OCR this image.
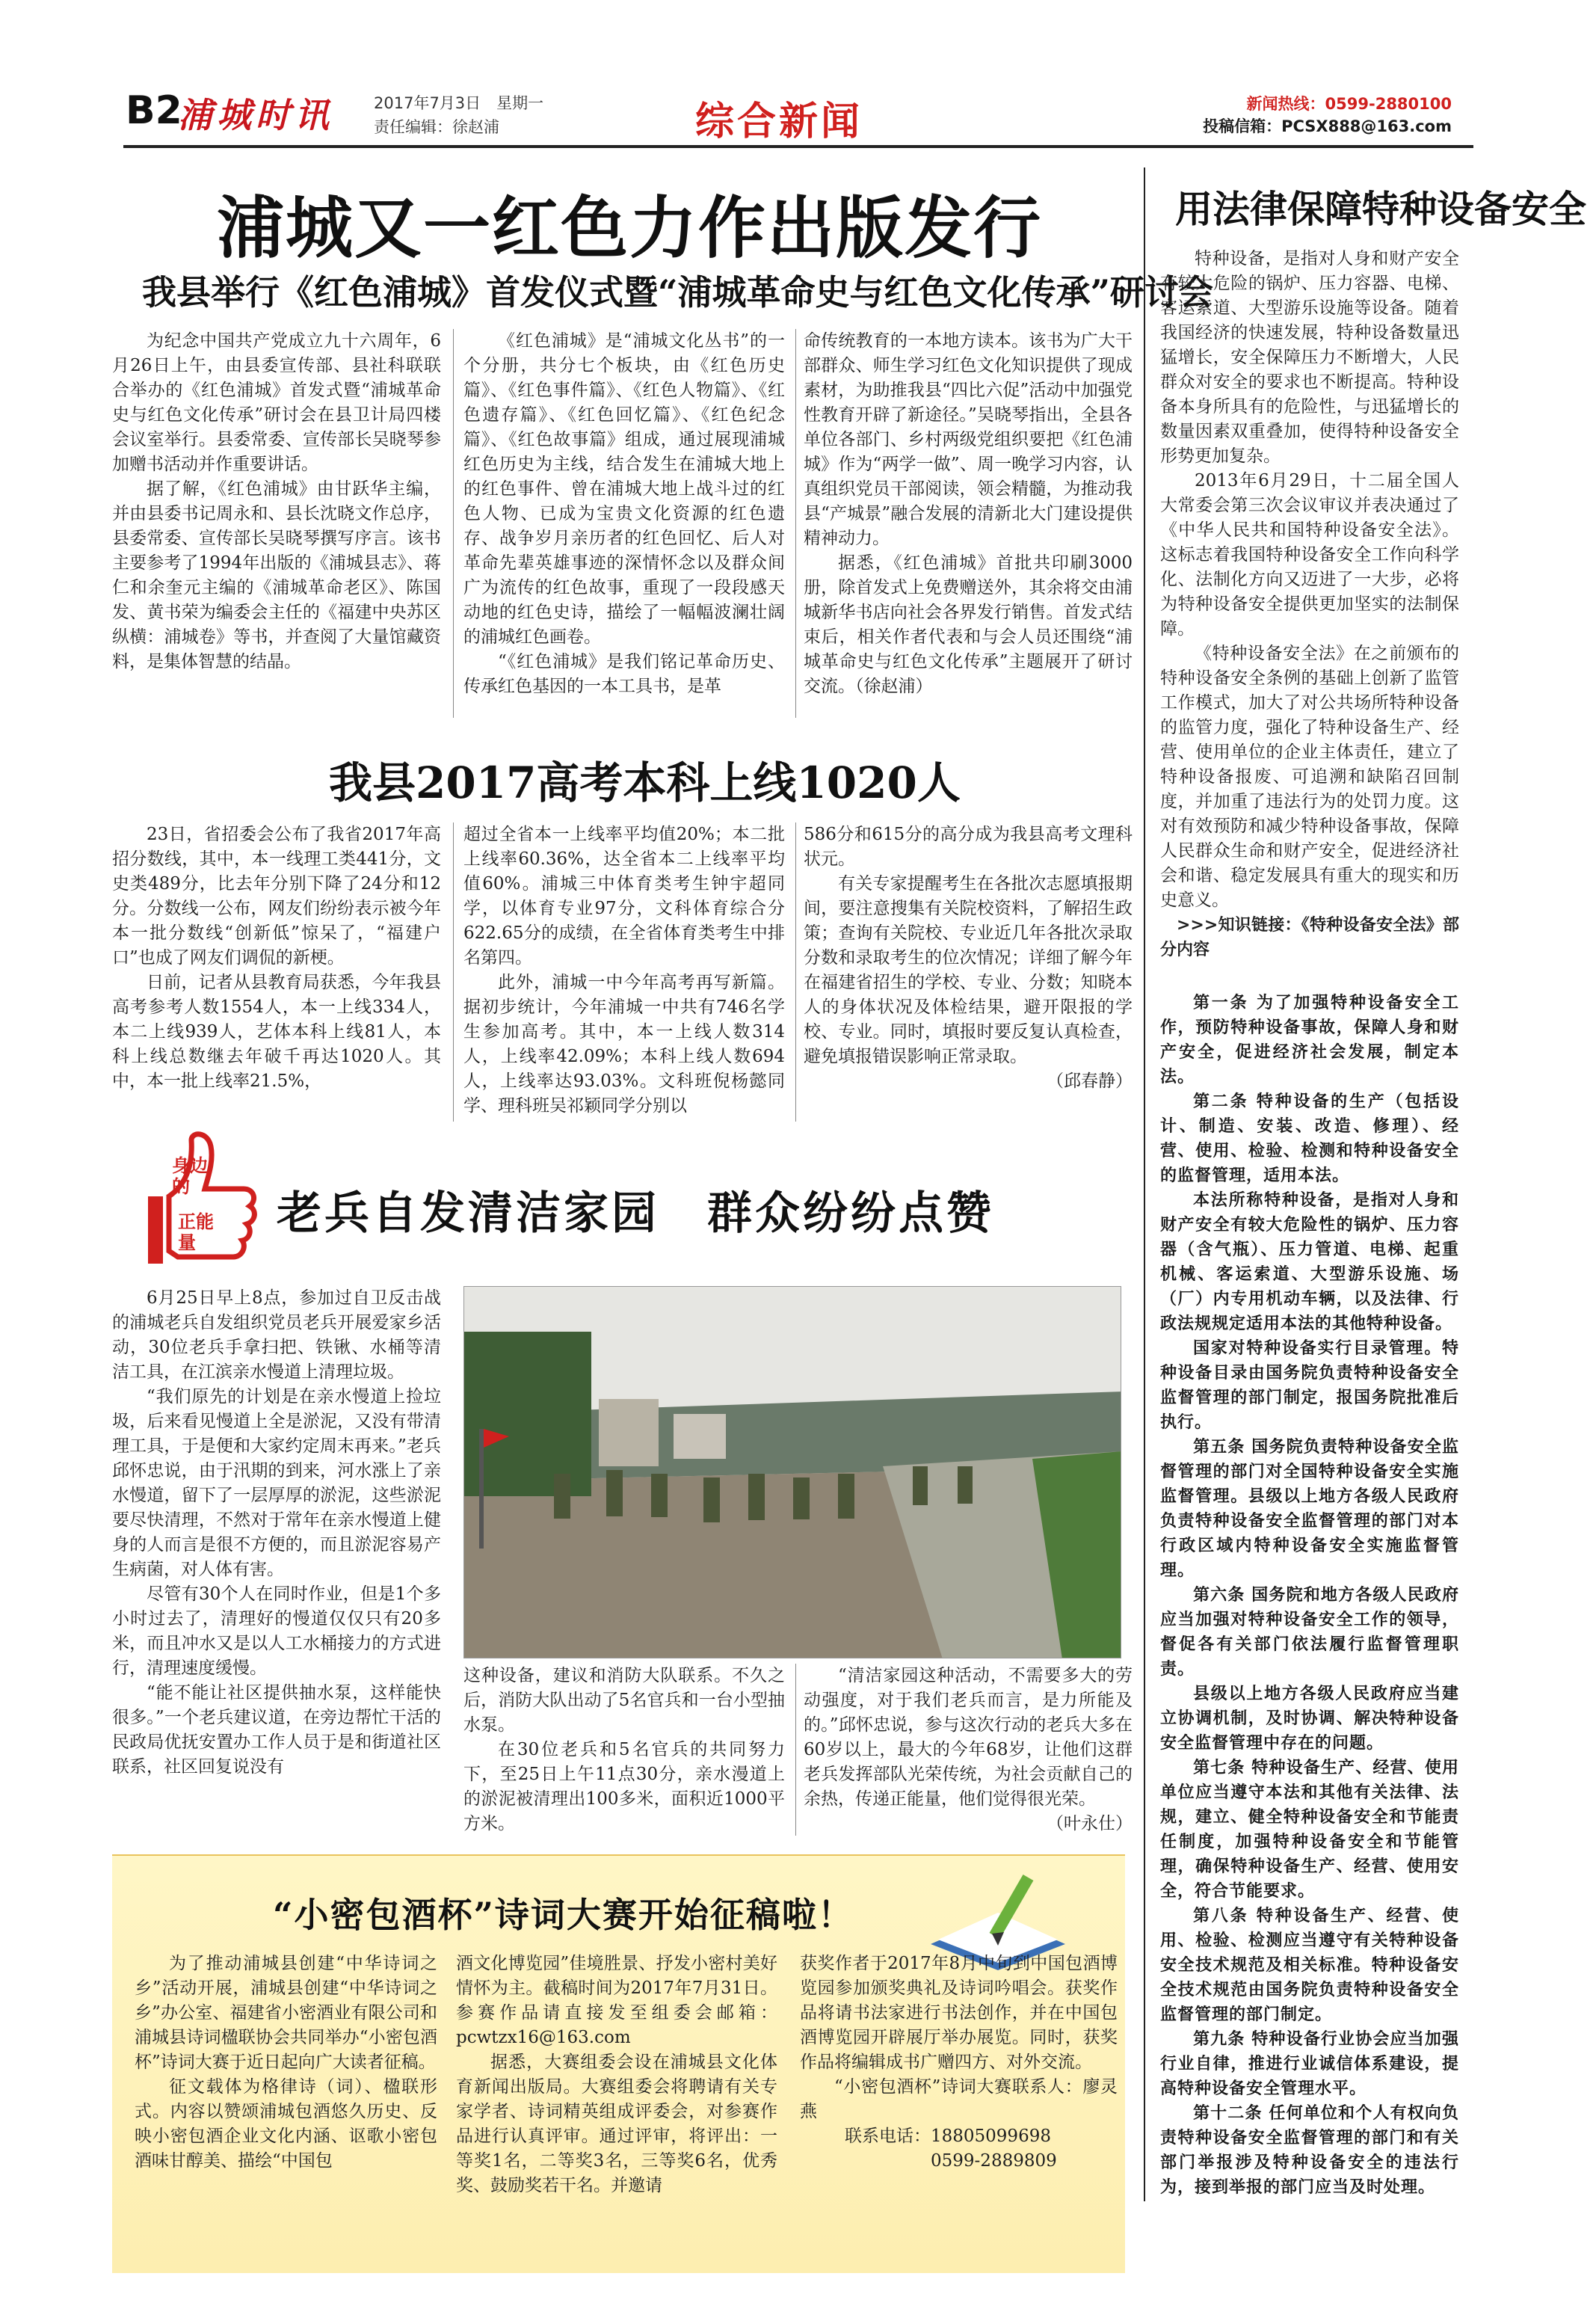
B2
浦城时讯	2017年7月3日　星期一
责任编辑：徐赵浦	综合新闻	新闻热线：0599-2880100
投稿信箱：PCSX888@163.com
浦城又一红色力作出版发行
我县举行《红色浦城》首发仪式暨“浦城革命史与红色文化传承”研讨会

为纪念中国共产党成立九十六周年，6月26日上午，由县委宣传部、县社科联联合举办的《红色浦城》首发式暨“浦城革命史与红色文化传承”研讨会在县卫计局四楼会议室举行。县委常委、宣传部长吴晓琴参加赠书活动并作重要讲话。

据了解，《红色浦城》由甘跃华主编，并由县委书记周永和、县长沈晓文作总序，县委常委、宣传部长吴晓琴撰写序言。该书主要参考了1994年出版的《浦城县志》、蒋仁和余奎元主编的《浦城革命老区》、陈国发、黄书荣为编委会主任的《福建中央苏区纵横：浦城卷》等书，并查阅了大量馆藏资料，是集体智慧的结晶。

《红色浦城》是“浦城文化丛书”的一个分册，共分七个板块，由《红色历史篇》、《红色事件篇》、《红色人物篇》、《红色遗存篇》、《红色回忆篇》、《红色纪念篇》、《红色故事篇》组成，通过展现浦城红色历史为主线，结合发生在浦城大地上的红色事件、曾在浦城大地上战斗过的红色人物、已成为宝贵文化资源的红色遗存、战争岁月亲历者的红色回忆、后人对革命先辈英雄事迹的深情怀念以及群众间广为流传的红色故事，重现了一段段感天动地的红色史诗，描绘了一幅幅波澜壮阔的浦城红色画卷。

“《红色浦城》是我们铭记革命历史、传承红色基因的一本工具书，是革

命传统教育的一本地方读本。该书为广大干部群众、师生学习红色文化知识提供了现成素材，为助推我县“四比六促”活动中加强党性教育开辟了新途径。”吴晓琴指出，全县各单位各部门、乡村两级党组织要把《红色浦城》作为“两学一做”、周一晚学习内容，认真组织党员干部阅读，领会精髓，为推动我县“产城景”融合发展的清新北大门建设提供精神动力。

据悉，《红色浦城》首批共印刷3000册，除首发式上免费赠送外，其余将交由浦城新华书店向社会各界发行销售。首发式结束后，相关作者代表和与会人员还围绕“浦城革命史与红色文化传承”主题展开了研讨交流。（徐赵浦）

我县2017高考本科上线1020人

23日，省招委会公布了我省2017年高招分数线，其中，本一线理工类441分，文史类489分，比去年分别下降了24分和12分。分数线一公布，网友们纷纷表示被今年本一批分数线“创新低”惊呆了，“福建户口”也成了网友们调侃的新梗。

日前，记者从县教育局获悉，今年我县高考参考人数1554人，本一上线334人，本二上线939人，艺体本科上线81人，本科上线总数继去年破千再达1020人。其中，本一批上线率21.5%，

超过全省本一上线率平均值20%；本二批上线率60.36%，达全省本二上线率平均值60%。浦城三中体育类考生钟宇超同学，以体育专业97分，文科体育综合分622.65分的成绩，在全省体育类考生中排名第四。

此外，浦城一中今年高考再写新篇。据初步统计，今年浦城一中共有746名学生参加高考。其中，本一上线人数314人，上线率42.09%；本科上线人数694人，上线率达93.03%。文科班倪杨懿同学、理科班吴祁颖同学分别以

586分和615分的高分成为我县高考文理科状元。

有关专家提醒考生在各批次志愿填报期间，要注意搜集有关院校资料，了解招生政策；查询有关院校、专业近几年各批次录取分数和录取考生的位次情况；详细了解今年在福建省招生的学校、专业、分数；知晓本人的身体状况及体检结果，避开限报的学校、专业。同时，填报时要反复认真检查，避免填报错误影响正常录取。

（邱春静）
身边的
正能量
老兵自发清洁家园　群众纷纷点赞

6月25日早上8点，参加过自卫反击战的浦城老兵自发组织党员老兵开展爱家乡活动，30位老兵手拿扫把、铁锹、水桶等清洁工具，在江滨亲水慢道上清理垃圾。

“我们原先的计划是在亲水慢道上捡垃圾，后来看见慢道上全是淤泥，又没有带清理工具，于是便和大家约定周末再来。”老兵邱怀忠说，由于汛期的到来，河水涨上了亲水慢道，留下了一层厚厚的淤泥，这些淤泥要尽快清理，不然对于常年在亲水慢道上健身的人而言是很不方便的，而且淤泥容易产生病菌，对人体有害。

尽管有30个人在同时作业，但是1个多小时过去了，清理好的慢道仅仅只有20多米，而且冲水又是以人工水桶接力的方式进行，清理速度缓慢。

“能不能让社区提供抽水泵，这样能快很多。”一个老兵建议道，在旁边帮忙干活的民政局优抚安置办工作人员于是和街道社区联系，社区回复说没有

这种设备，建议和消防大队联系。不久之后，消防大队出动了5名官兵和一台小型抽水泵。

在30位老兵和5名官兵的共同努力下，至25日上午11点30分，亲水漫道上的淤泥被清理出100多米，面积近1000平方米。

“清洁家园这种活动，不需要多大的劳动强度，对于我们老兵而言，是力所能及的。”邱怀忠说，参与这次行动的老兵大多在60岁以上，最大的今年68岁，让他们这群老兵发挥部队光荣传统，为社会贡献自己的余热，传递正能量，他们觉得很光荣。

（叶永仕）
“小密包酒杯”诗词大赛开始征稿啦！

为了推动浦城县创建“中华诗词之乡”活动开展，浦城县创建“中华诗词之乡”办公室、福建省小密酒业有限公司和浦城县诗词楹联协会共同举办“小密包酒杯”诗词大赛于近日起向广大读者征稿。

征文载体为格律诗（词）、楹联形式。内容以赞颂浦城包酒悠久历史、反映小密包酒企业文化内涵、讴歌小密包酒味甘醇美、描绘“中国包

酒文化博览园”佳境胜景、抒发小密村美好情怀为主。截稿时间为2017年7月31日。参赛作品请直接发至组委会邮箱：pcwtzx16@163.com

据悉，大赛组委会设在浦城县文化体育新闻出版局。大赛组委会将聘请有关专家学者、诗词精英组成评委会，对参赛作品进行认真评审。通过评审，将评出：一等奖1名，二等奖3名，三等奖6名，优秀奖、鼓励奖若干名。并邀请

获奖作者于2017年8月中旬到中国包酒博览园参加颁奖典礼及诗词吟唱会。获奖作品将请书法家进行书法创作，并在中国包酒博览园开辟展厅举办展览。同时，获奖作品将编辑成书广赠四方、对外交流。

“小密包酒杯”诗词大赛联系人：廖灵燕

联系电话：18805099698
0599-2889809
用法律保障特种设备安全

特种设备，是指对人身和财产安全有较大危险的锅炉、压力容器、电梯、客运索道、大型游乐设施等设备。随着我国经济的快速发展，特种设备数量迅猛增长，安全保障压力不断增大，人民群众对安全的要求也不断提高。特种设备本身所具有的危险性，与迅猛增长的数量因素双重叠加，使得特种设备安全形势更加复杂。

2013年6月29日，十二届全国人大常委会第三次会议审议并表决通过了《中华人民共和国特种设备安全法》。这标志着我国特种设备安全工作向科学化、法制化方向又迈进了一大步，必将为特种设备安全提供更加坚实的法制保障。

《特种设备安全法》在之前颁布的特种设备安全条例的基础上创新了监管工作模式，加大了对公共场所特种设备的监管力度，强化了特种设备生产、经营、使用单位的企业主体责任，建立了特种设备报废、可追溯和缺陷召回制度，并加重了违法行为的处罚力度。这对有效预防和减少特种设备事故，保障人民群众生命和财产安全，促进经济社会和谐、稳定发展具有重大的现实和历史意义。

>>>知识链接：《特种设备安全法》部分内容

第一条 为了加强特种设备安全工作，预防特种设备事故，保障人身和财产安全，促进经济社会发展，制定本法。

第二条 特种设备的生产（包括设计、制造、安装、改造、修理）、经营、使用、检验、检测和特种设备安全的监督管理，适用本法。

本法所称特种设备，是指对人身和财产安全有较大危险性的锅炉、压力容器（含气瓶）、压力管道、电梯、起重机械、客运索道、大型游乐设施、场（厂）内专用机动车辆，以及法律、行政法规规定适用本法的其他特种设备。

国家对特种设备实行目录管理。特种设备目录由国务院负责特种设备安全监督管理的部门制定，报国务院批准后执行。

第五条 国务院负责特种设备安全监督管理的部门对全国特种设备安全实施监督管理。县级以上地方各级人民政府负责特种设备安全监督管理的部门对本行政区域内特种设备安全实施监督管理。

第六条 国务院和地方各级人民政府应当加强对特种设备安全工作的领导，督促各有关部门依法履行监督管理职责。

县级以上地方各级人民政府应当建立协调机制，及时协调、解决特种设备安全监督管理中存在的问题。

第七条 特种设备生产、经营、使用单位应当遵守本法和其他有关法律、法规，建立、健全特种设备安全和节能责任制度，加强特种设备安全和节能管理，确保特种设备生产、经营、使用安全，符合节能要求。

第八条 特种设备生产、经营、使用、检验、检测应当遵守有关特种设备安全技术规范及相关标准。特种设备安全技术规范由国务院负责特种设备安全监督管理的部门制定。

第九条 特种设备行业协会应当加强行业自律，推进行业诚信体系建设，提高特种设备安全管理水平。

第十二条 任何单位和个人有权向负责特种设备安全监督管理的部门和有关部门举报涉及特种设备安全的违法行为，接到举报的部门应当及时处理。
